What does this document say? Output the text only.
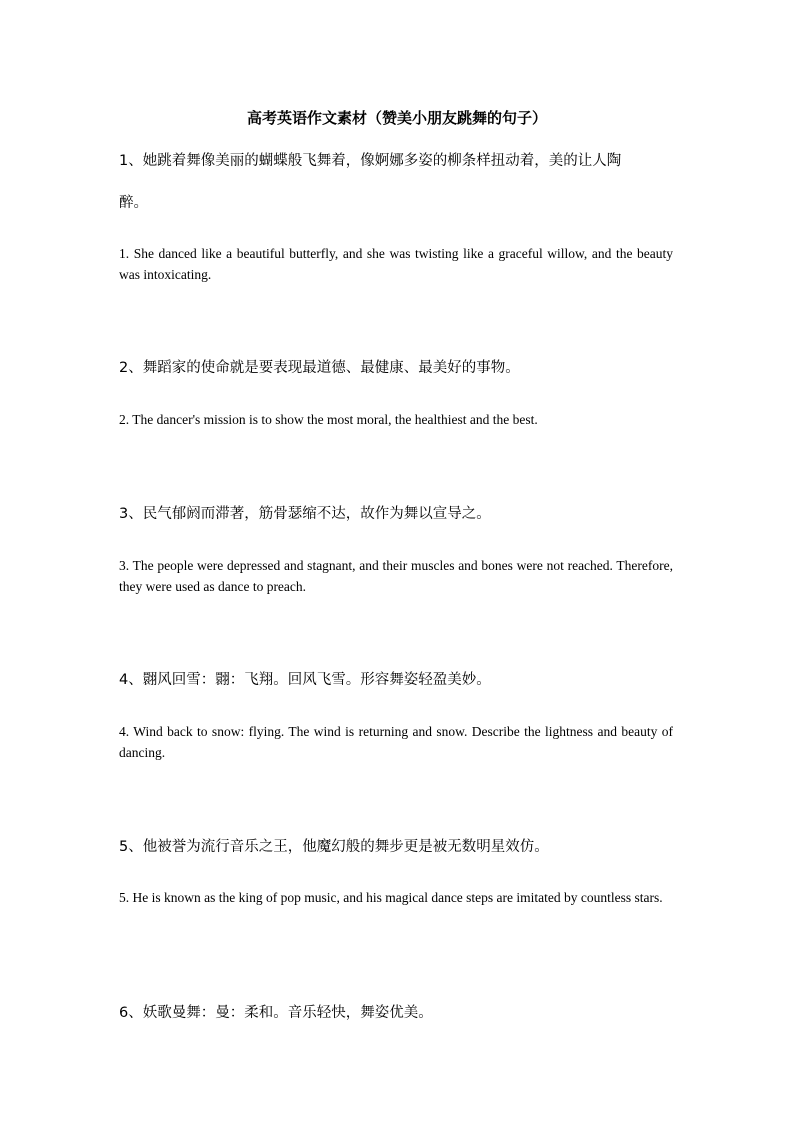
高考英语作文素材（赞美小朋友跳舞的句子）
1、她跳着舞像美丽的蝴蝶般飞舞着，像婀娜多姿的柳条样扭动着，美的让人陶
醉。
1. She danced like a beautiful butterfly, and she was twisting like a graceful willow, and the beauty was intoxicating.
2、舞蹈家的使命就是要表现最道德、最健康、最美好的事物。
2. The dancer's mission is to show the most moral, the healthiest and the best.
3、民气郁阏而滞著，筋骨瑟缩不达，故作为舞以宣导之。
3. The people were depressed and stagnant, and their muscles and bones were not reached. Therefore, they were used as dance to preach.
4、翾风回雪：翾：飞翔。回风飞雪。形容舞姿轻盈美妙。
4. Wind back to snow: flying. The wind is returning and snow. Describe the lightness and beauty of dancing.
5、他被誉为流行音乐之王，他魔幻般的舞步更是被无数明星效仿。
5. He is known as the king of pop music, and his magical dance steps are imitated by countless stars.
6、妖歌曼舞：曼：柔和。音乐轻快，舞姿优美。
